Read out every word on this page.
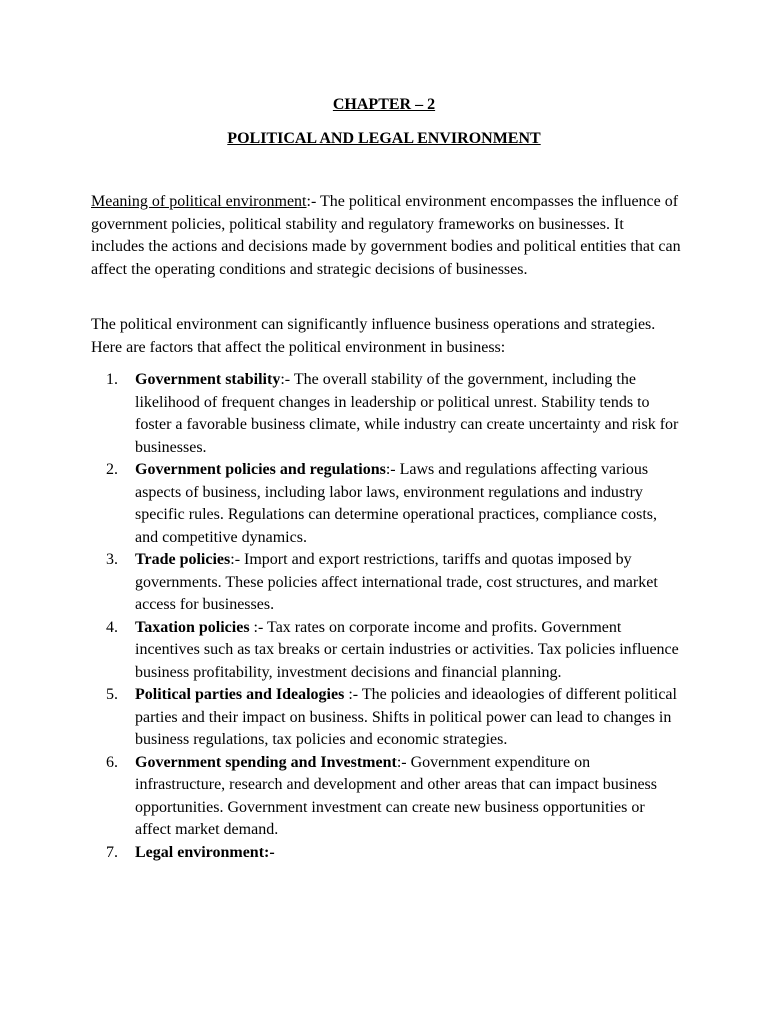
CHAPTER – 2
POLITICAL AND LEGAL ENVIRONMENT

Meaning of political environment:- The political environment encompasses the influence of government policies, political stability and regulatory frameworks on businesses. It includes the actions and decisions made by government bodies and political entities that can affect the operating conditions and strategic decisions of businesses.

The political environment can significantly influence business operations and strategies. Here are factors that affect the political environment in business:

1. Government stability:- The overall stability of the government, including the likelihood of frequent changes in leadership or political unrest. Stability tends to foster a favorable business climate, while industry can create uncertainty and risk for businesses.
2. Government policies and regulations:- Laws and regulations affecting various aspects of business, including labor laws, environment regulations and industry specific rules. Regulations can determine operational practices, compliance costs, and competitive dynamics.
3. Trade policies:- Import and export restrictions, tariffs and quotas imposed by governments. These policies affect international trade, cost structures, and market access for businesses.
4. Taxation policies :- Tax rates on corporate income and profits. Government incentives such as tax breaks or certain industries or activities. Tax policies influence business profitability, investment decisions and financial planning.
5. Political parties and Idealogies :- The policies and ideaologies of different political parties and their impact on business. Shifts in political power can lead to changes in business regulations, tax policies and economic strategies.
6. Government spending and Investment:- Government expenditure on infrastructure, research and development and other areas that can impact business opportunities. Government investment can create new business opportunities or affect market demand.
7. Legal environment:-
